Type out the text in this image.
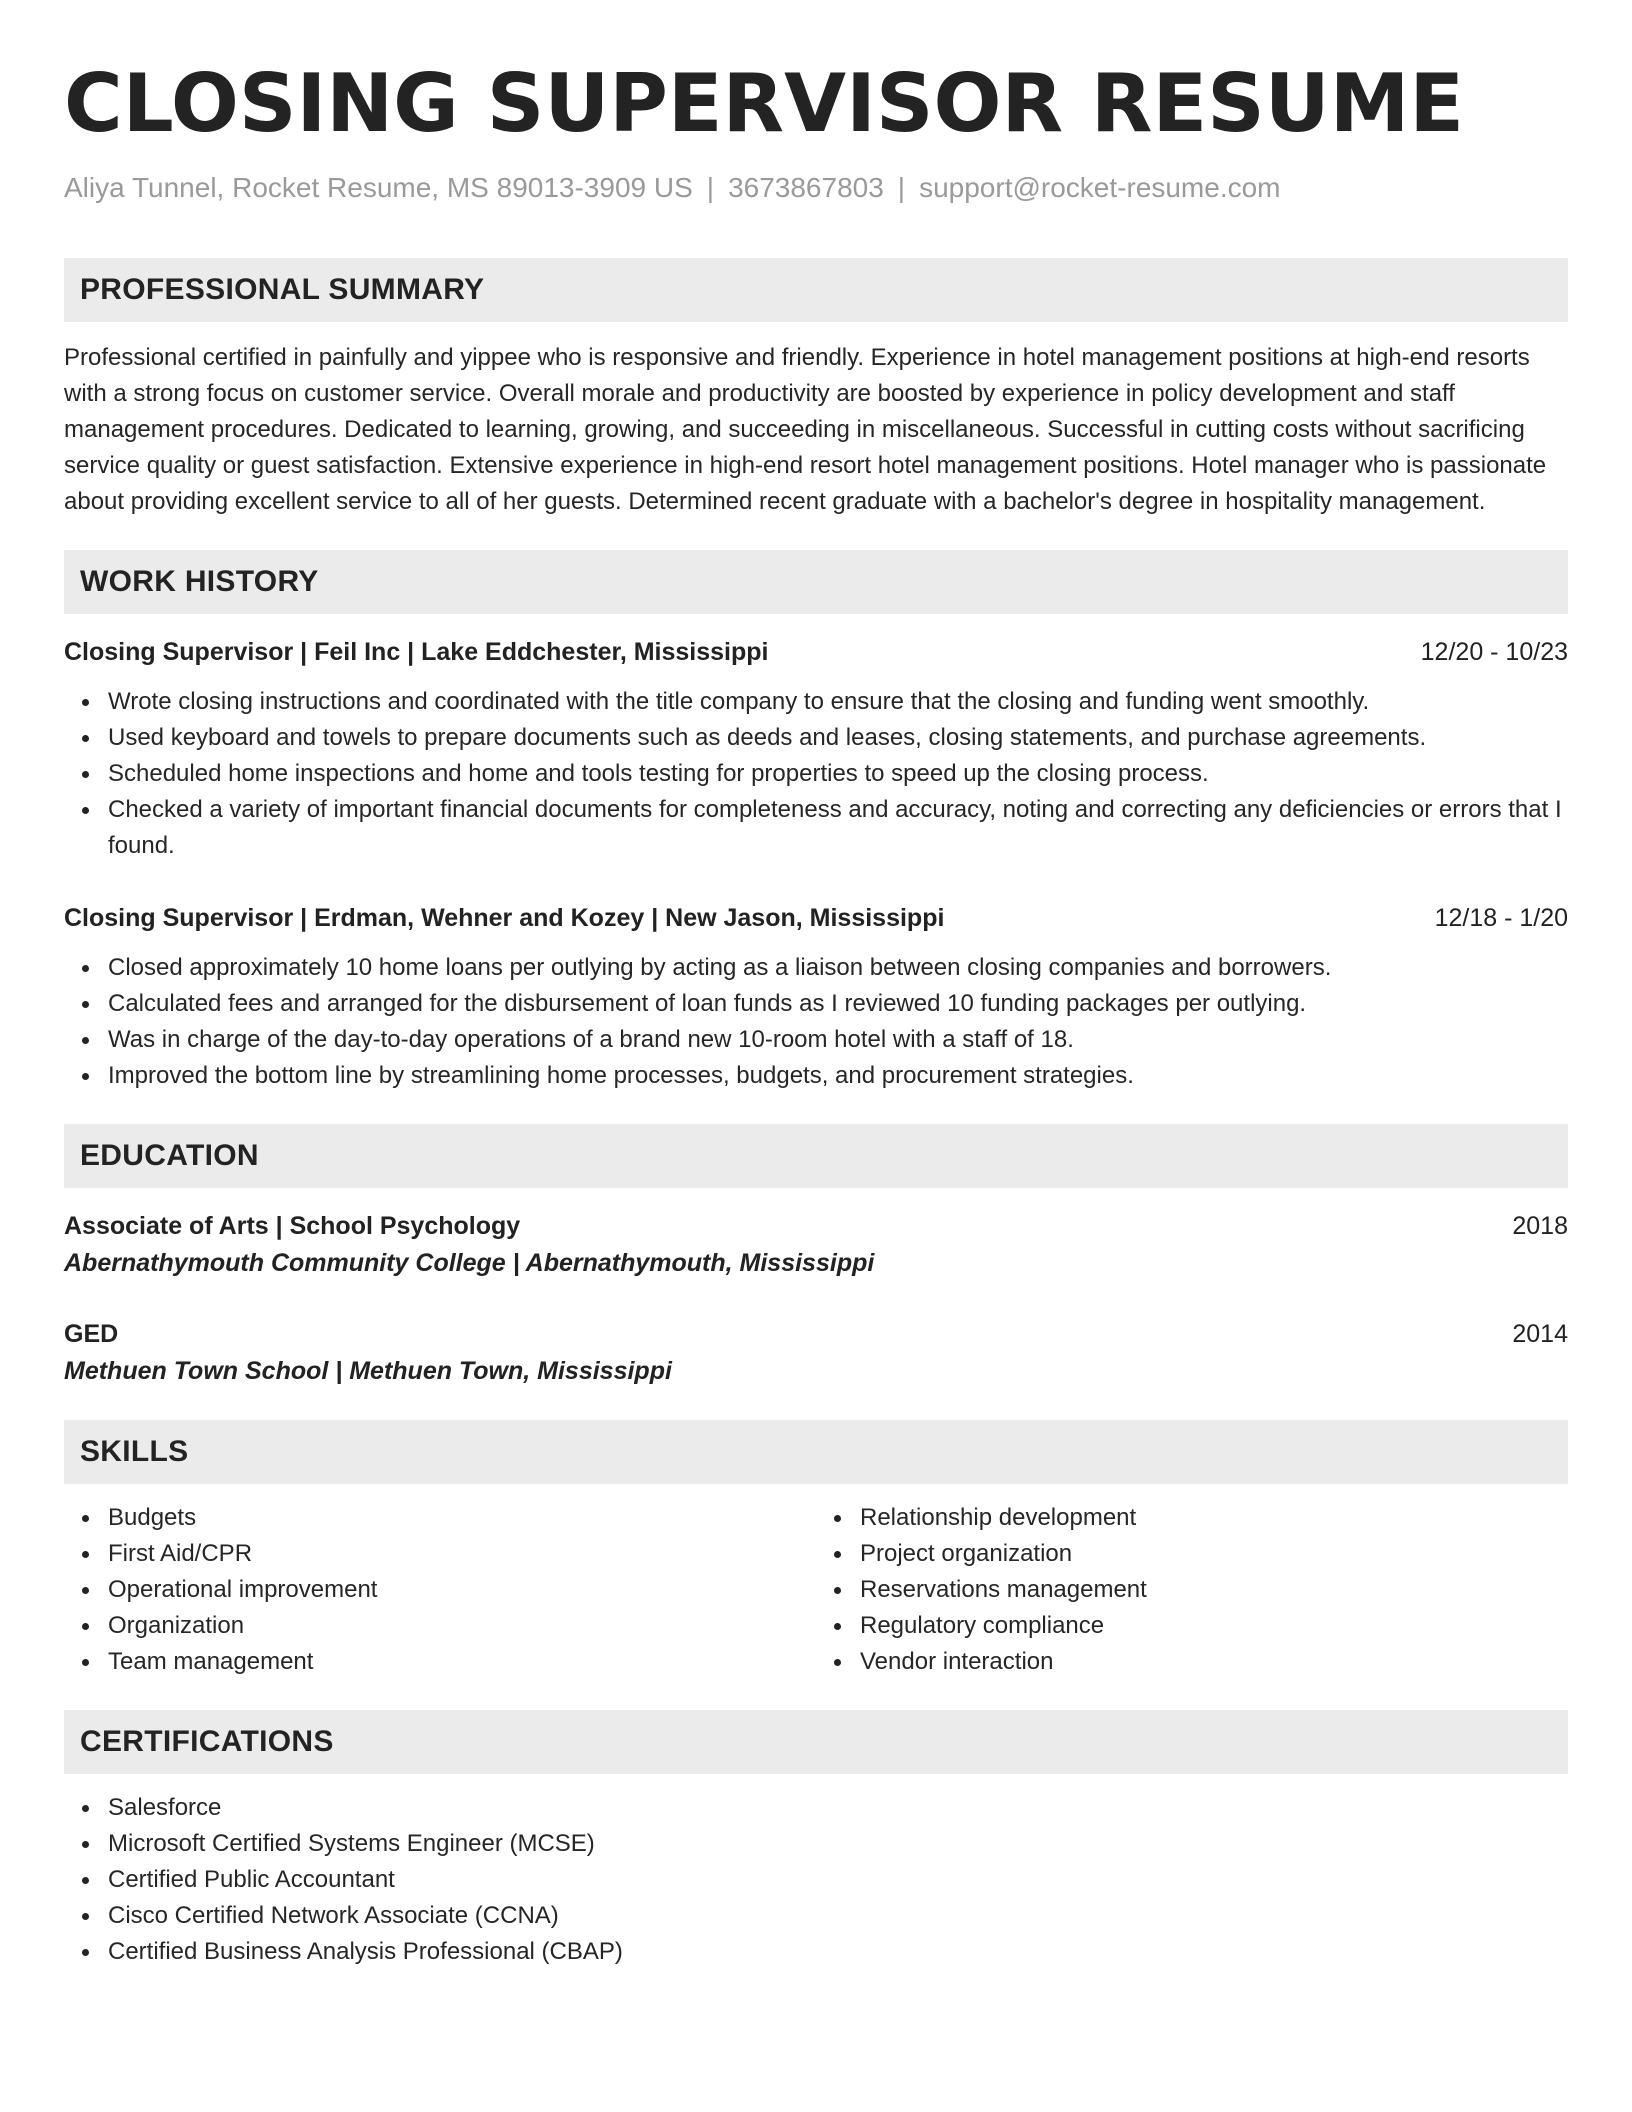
CLOSING SUPERVISOR RESUME
Aliya Tunnel, Rocket Resume, MS 89013-3909 US | 3673867803 | support@rocket-resume.com
PROFESSIONAL SUMMARY

Professional certified in painfully and yippee who is responsive and friendly. Experience in hotel management positions at high-end resorts with a strong focus on customer service. Overall morale and productivity are boosted by experience in policy development and staff management procedures. Dedicated to learning, growing, and succeeding in miscellaneous. Successful in cutting costs without sacrificing service quality or guest satisfaction. Extensive experience in high-end resort hotel management positions. Hotel manager who is passionate about providing excellent service to all of her guests. Determined recent graduate with a bachelor's degree in hospitality management.

WORK HISTORY
Closing Supervisor | Feil Inc | Lake Eddchester, Mississippi	12/20 - 10/23
Wrote closing instructions and coordinated with the title company to ensure that the closing and funding went smoothly.
Used keyboard and towels to prepare documents such as deeds and leases, closing statements, and purchase agreements.
Scheduled home inspections and home and tools testing for properties to speed up the closing process.
Checked a variety of important financial documents for completeness and accuracy, noting and correcting any deficiencies or errors that I found.
Closing Supervisor | Erdman, Wehner and Kozey | New Jason, Mississippi	12/18 - 1/20
Closed approximately 10 home loans per outlying by acting as a liaison between closing companies and borrowers.
Calculated fees and arranged for the disbursement of loan funds as I reviewed 10 funding packages per outlying.
Was in charge of the day-to-day operations of a brand new 10-room hotel with a staff of 18.
Improved the bottom line by streamlining home processes, budgets, and procurement strategies.
EDUCATION
Associate of Arts | School Psychology	2018
Abernathymouth Community College | Abernathymouth, Mississippi
GED	2014
Methuen Town School | Methuen Town, Mississippi
SKILLS
Budgets
First Aid/CPR
Operational improvement
Organization
Team management
Relationship development
Project organization
Reservations management
Regulatory compliance
Vendor interaction
CERTIFICATIONS
Salesforce
Microsoft Certified Systems Engineer (MCSE)
Certified Public Accountant
Cisco Certified Network Associate (CCNA)
Certified Business Analysis Professional (CBAP)
